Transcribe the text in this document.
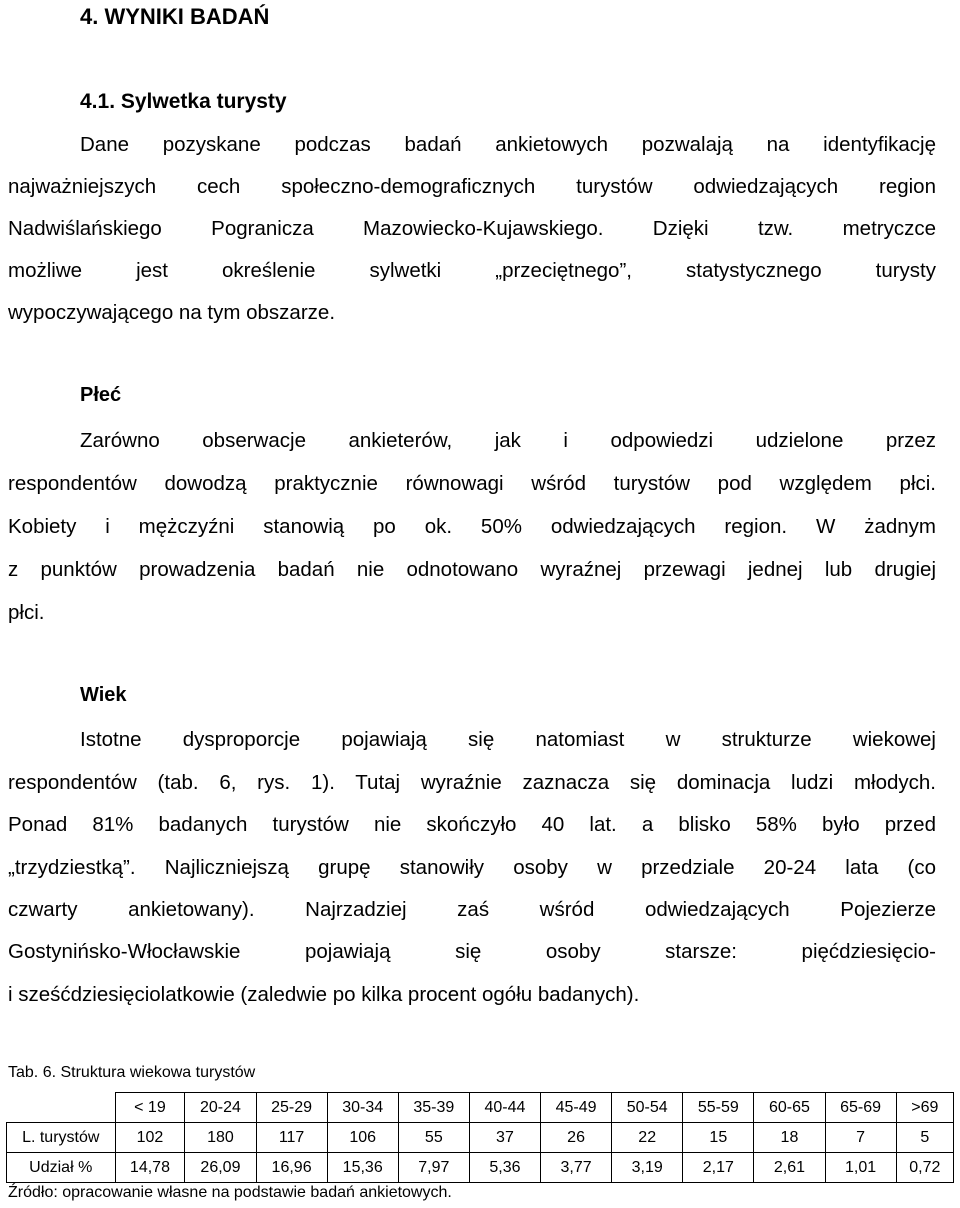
4. WYNIKI BADAŃ
4.1. Sylwetka turysty
Dane pozyskane podczas badań ankietowych pozwalają na identyfikację
najważniejszych cech społeczno-demograficznych turystów odwiedzających region
Nadwiślańskiego Pogranicza Mazowiecko-Kujawskiego. Dzięki tzw. metryczce
możliwe jest określenie sylwetki „przeciętnego”, statystycznego turysty
wypoczywającego na tym obszarze.
Płeć
Zarówno obserwacje ankieterów, jak i odpowiedzi udzielone przez
respondentów dowodzą praktycznie równowagi wśród turystów pod względem płci.
Kobiety i mężczyźni stanowią po ok. 50% odwiedzających region. W żadnym
z punktów prowadzenia badań nie odnotowano wyraźnej przewagi jednej lub drugiej
płci.
Wiek
Istotne dysproporcje pojawiają się natomiast w strukturze wiekowej
respondentów (tab. 6, rys. 1). Tutaj wyraźnie zaznacza się dominacja ludzi młodych.
Ponad 81% badanych turystów nie skończyło 40 lat. a blisko 58% było przed
„trzydziestką”. Najliczniejszą grupę stanowiły osoby w przedziale 20-24 lata (co
czwarty ankietowany). Najrzadziej zaś wśród odwiedzających Pojezierze
Gostynińsko-Włocławskie pojawiają się osoby starsze: pięćdziesięcio-
i sześćdziesięciolatkowie (zaledwie po kilka procent ogółu badanych).
Tab. 6. Struktura wiekowa turystów
	< 19	20-24	25-29	30-34	35-39	40-44	45-49	50-54	55-59	60-65	65-69	>69
L. turystów	102	180	117	106	55	37	26	22	15	18	7	5
Udział %	14,78	26,09	16,96	15,36	7,97	5,36	3,77	3,19	2,17	2,61	1,01	0,72
Źródło: opracowanie własne na podstawie badań ankietowych.
